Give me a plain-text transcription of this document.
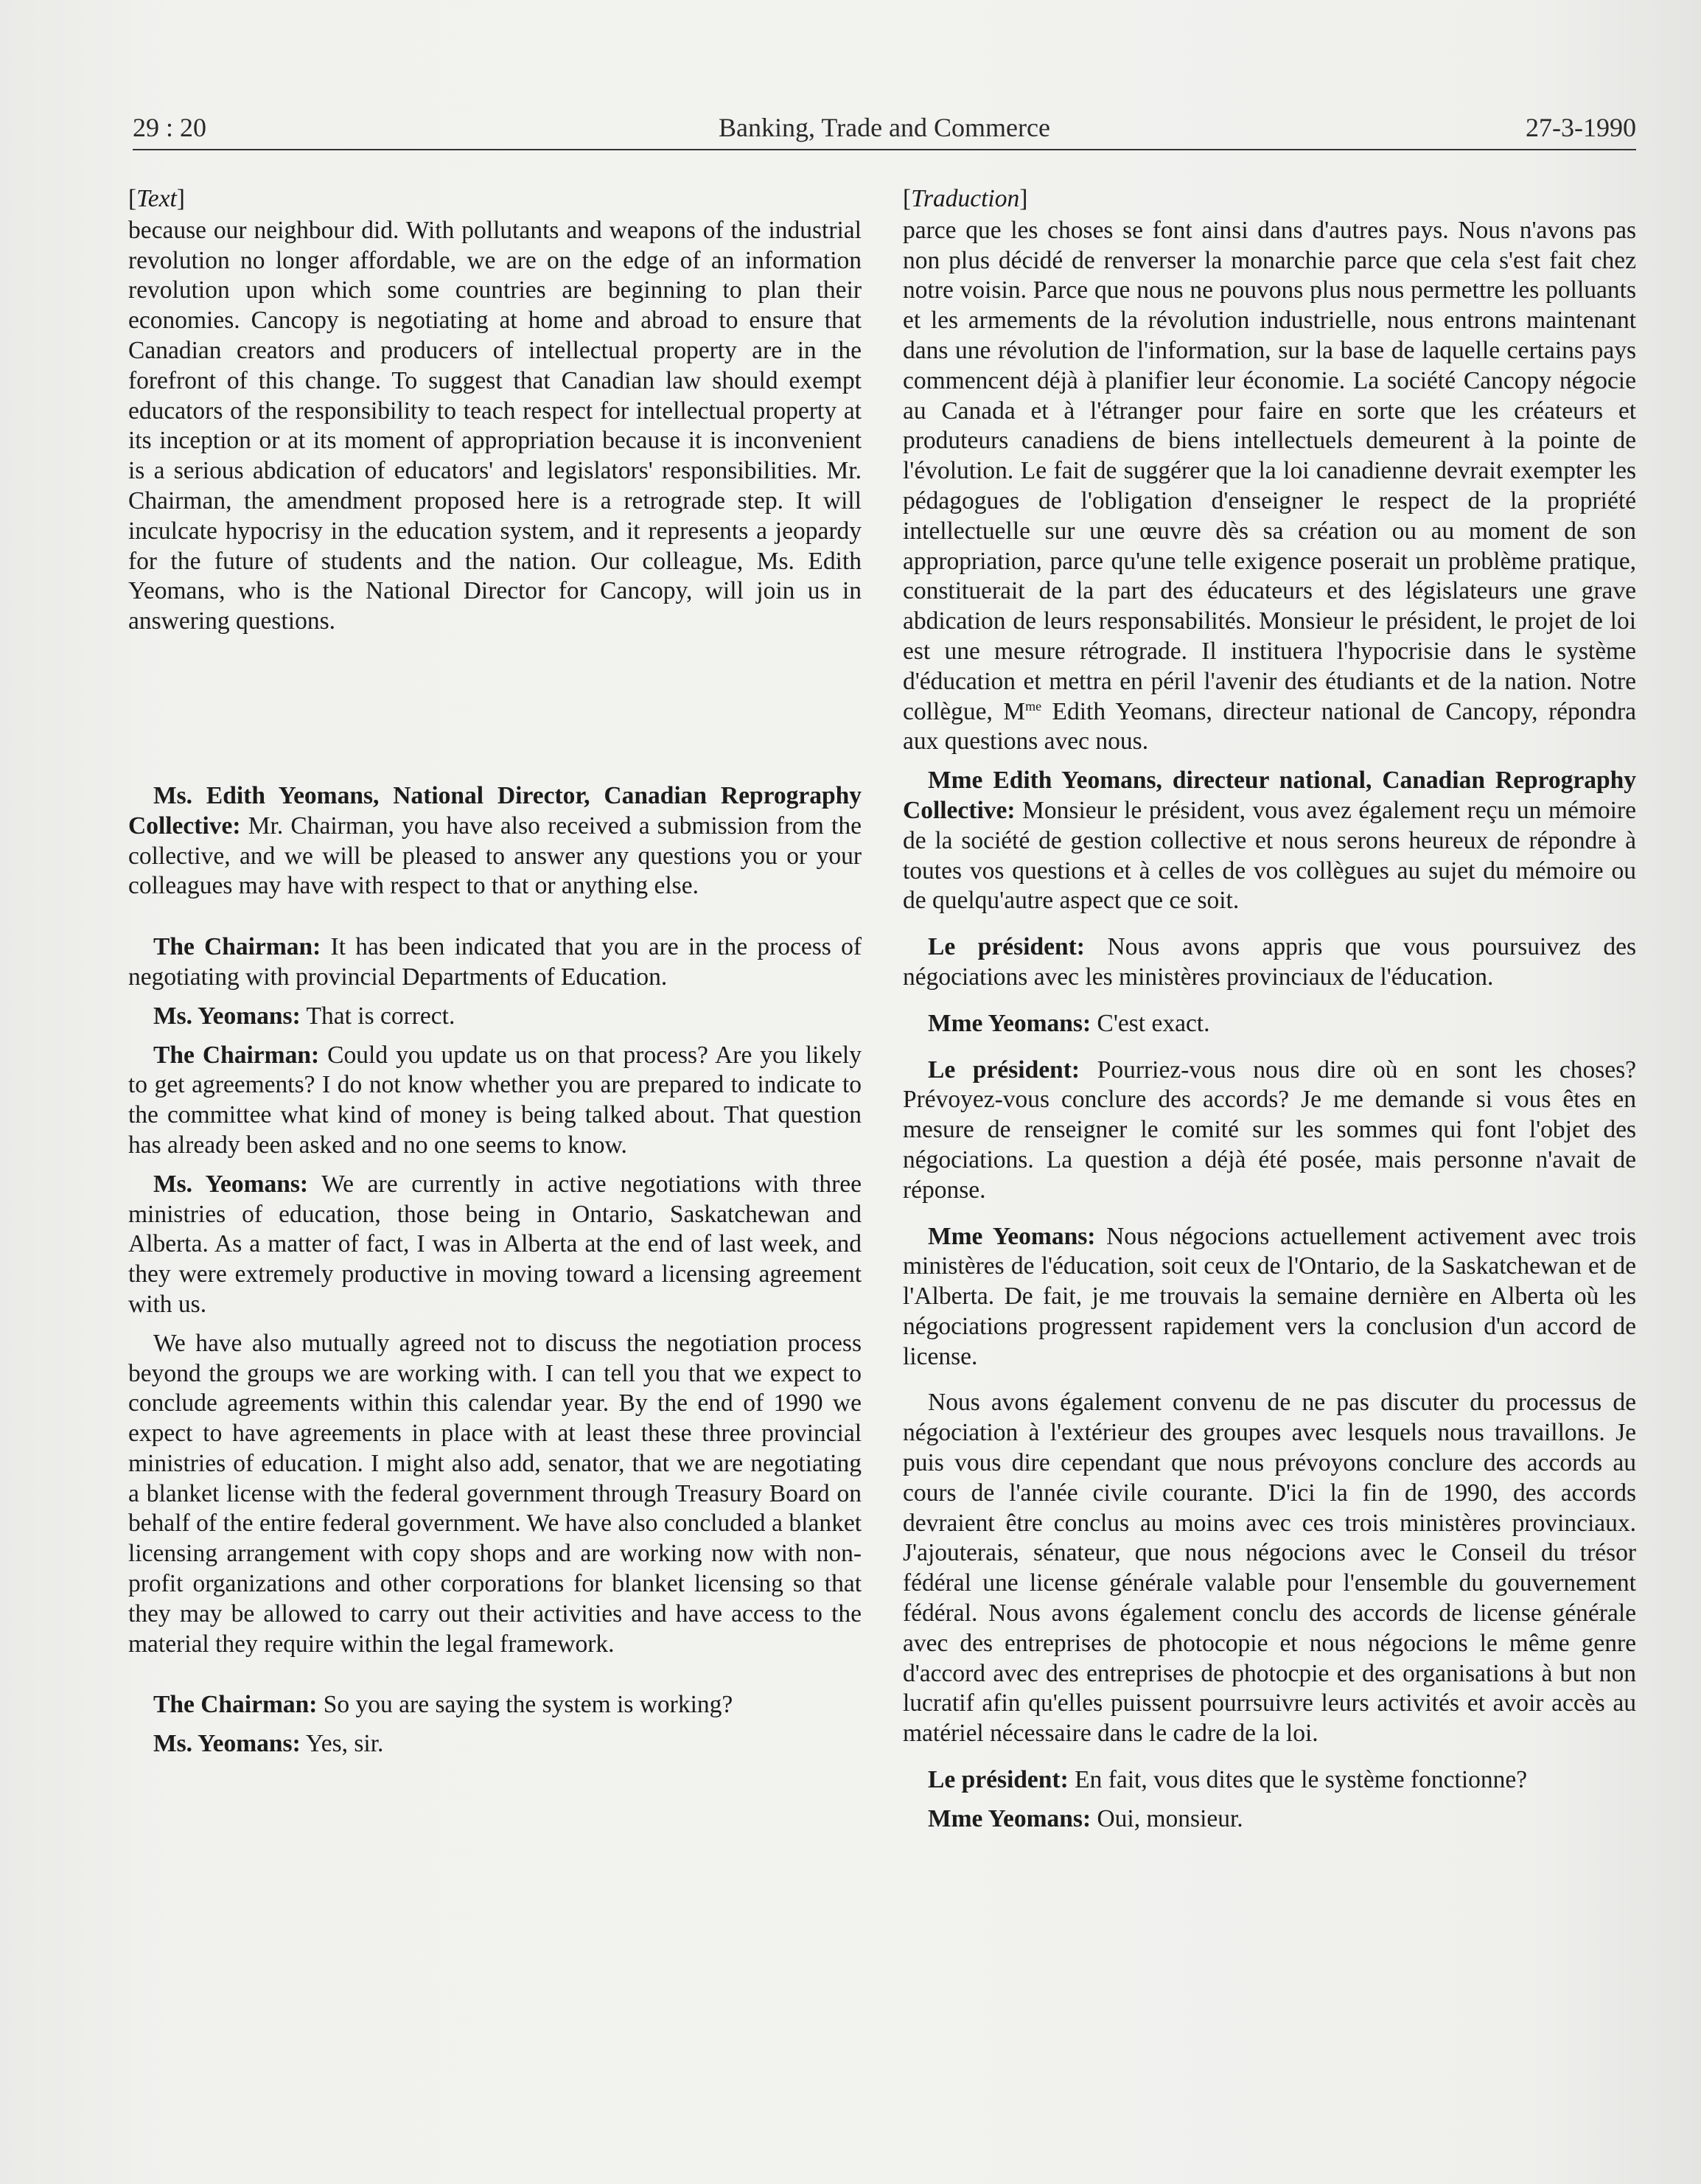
29 : 20	Banking, Trade and Commerce	27-3-1990
[Text]

because our neighbour did. With pollutants and weapons of the industrial revolution no longer affordable, we are on the edge of an information revolution upon which some countries are beginning to plan their economies. Cancopy is negotiating at home and abroad to ensure that Canadian creators and producers of intellectual property are in the forefront of this change. To suggest that Canadian law should exempt educators of the responsibility to teach respect for intellectual property at its inception or at its moment of appropriation because it is inconvenient is a serious abdication of educators' and legislators' responsibilities. Mr. Chairman, the amendment proposed here is a retrograde step. It will inculcate hypocrisy in the education system, and it represents a jeopardy for the future of students and the nation. Our colleague, Ms. Edith Yeomans, who is the National Director for Cancopy, will join us in answering questions.

Ms. Edith Yeomans, National Director, Canadian Reprography Collective: Mr. Chairman, you have also received a submission from the collective, and we will be pleased to answer any questions you or your colleagues may have with respect to that or anything else.

The Chairman: It has been indicated that you are in the process of negotiating with provincial Departments of Education.

Ms. Yeomans: That is correct.

The Chairman: Could you update us on that process? Are you likely to get agreements? I do not know whether you are prepared to indicate to the committee what kind of money is being talked about. That question has already been asked and no one seems to know.

Ms. Yeomans: We are currently in active negotiations with three ministries of education, those being in Ontario, Saskatchewan and Alberta. As a matter of fact, I was in Alberta at the end of last week, and they were extremely productive in moving toward a licensing agreement with us.

We have also mutually agreed not to discuss the negotiation process beyond the groups we are working with. I can tell you that we expect to conclude agreements within this calendar year. By the end of 1990 we expect to have agreements in place with at least these three provincial ministries of education. I might also add, senator, that we are negotiating a blanket license with the federal government through Treasury Board on behalf of the entire federal government. We have also concluded a blanket licensing arrangement with copy shops and are working now with non-profit organizations and other corporations for blanket licensing so that they may be allowed to carry out their activities and have access to the material they require within the legal framework.

The Chairman: So you are saying the system is working?

Ms. Yeomans: Yes, sir.

[Traduction]

parce que les choses se font ainsi dans d'autres pays. Nous n'avons pas non plus décidé de renverser la monarchie parce que cela s'est fait chez notre voisin. Parce que nous ne pouvons plus nous permettre les polluants et les armements de la révolution industrielle, nous entrons maintenant dans une révolution de l'information, sur la base de laquelle certains pays commencent déjà à planifier leur économie. La société Cancopy négocie au Canada et à l'étranger pour faire en sorte que les créateurs et produteurs canadiens de biens intellectuels demeurent à la pointe de l'évolution. Le fait de suggérer que la loi canadienne devrait exempter les pédagogues de l'obligation d'enseigner le respect de la propriété intellectuelle sur une œuvre dès sa création ou au moment de son appropriation, parce qu'une telle exigence poserait un problème pratique, constituerait de la part des éducateurs et des législateurs une grave abdication de leurs responsabilités. Monsieur le président, le projet de loi est une mesure rétrograde. Il instituera l'hypocrisie dans le système d'éducation et mettra en péril l'avenir des étudiants et de la nation. Notre collègue, $M^{me}$ Edith Yeomans, directeur national de Cancopy, répondra aux questions avec nous.

Mme Edith Yeomans, directeur national, Canadian Reprography Collective: Monsieur le président, vous avez également reçu un mémoire de la société de gestion collective et nous serons heureux de répondre à toutes vos questions et à celles de vos collègues au sujet du mémoire ou de quelqu'autre aspect que ce soit.

Le président: Nous avons appris que vous poursuivez des négociations avec les ministères provinciaux de l'éducation.

Mme Yeomans: C'est exact.

Le président: Pourriez-vous nous dire où en sont les choses? Prévoyez-vous conclure des accords? Je me demande si vous êtes en mesure de renseigner le comité sur les sommes qui font l'objet des négociations. La question a déjà été posée, mais personne n'avait de réponse.

Mme Yeomans: Nous négocions actuellement activement avec trois ministères de l'éducation, soit ceux de l'Ontario, de la Saskatchewan et de l'Alberta. De fait, je me trouvais la semaine dernière en Alberta où les négociations progressent rapidement vers la conclusion d'un accord de license.

Nous avons également convenu de ne pas discuter du processus de négociation à l'extérieur des groupes avec lesquels nous travaillons. Je puis vous dire cependant que nous prévoyons conclure des accords au cours de l'année civile courante. D'ici la fin de 1990, des accords devraient être conclus au moins avec ces trois ministères provinciaux. J'ajouterais, sénateur, que nous négocions avec le Conseil du trésor fédéral une license générale valable pour l'ensemble du gouvernement fédéral. Nous avons également conclu des accords de license générale avec des entreprises de photocopie et nous négocions le même genre d'accord avec des entreprises de photocpie et des organisations à but non lucratif afin qu'elles puissent pourrsuivre leurs activités et avoir accès au matériel nécessaire dans le cadre de la loi.

Le président: En fait, vous dites que le système fonctionne?

Mme Yeomans: Oui, monsieur.
